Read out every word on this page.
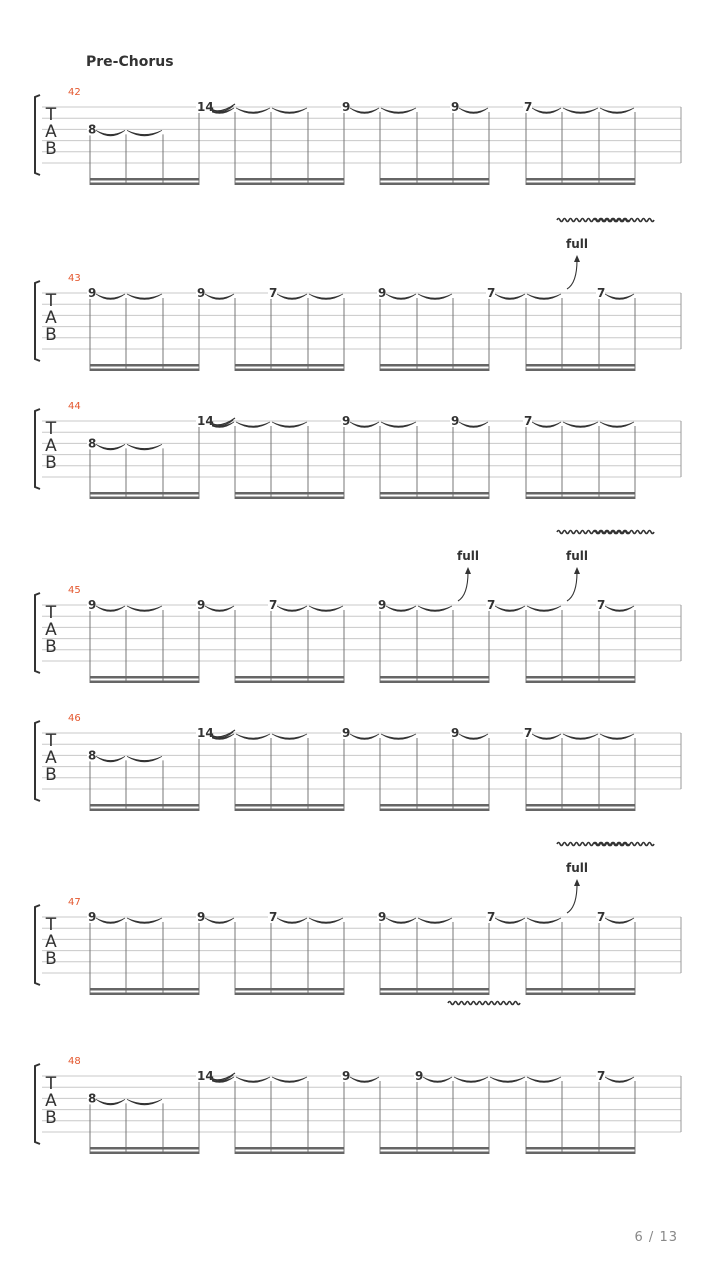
Pre-Chorus
T
A
B
42
8
14	9	9	7
T
A
B
43
9	9	7	9	7	7
full
T
A
B
44
8
14	9	9	7
T
A
B
45
9	9	7	9	7	7
full	full
T
A
B
46
8
14	9	9	7
T
A
B
47
9	9	7	9	7	7
full
T
A
B
48
8
14	9	9	7
6 / 13
